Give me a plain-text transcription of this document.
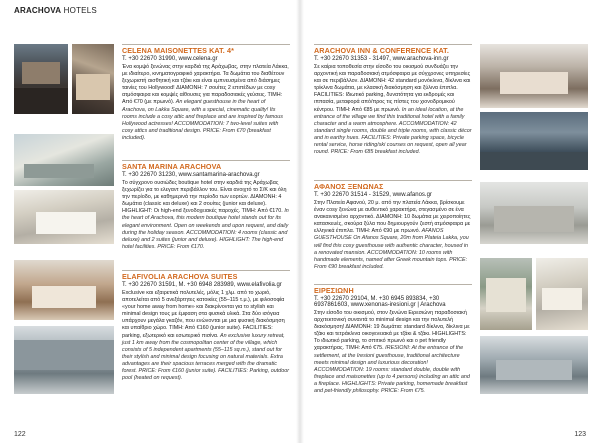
ARACHOVA HOTELS
CELENA MAISONETTES ΚΑΤ. 4*
T. +30 22670 31990, www.celena.gr
Ένα κομψό ξενώνας στην καρδιά της Αράχωβας, στην πλατεία Λάκκα, με ιδιαίτερο, κινηματογραφικό χαρακτήρα. Τα δωμάτια του διαθέτουν ξεχωριστή αισθητική και τζάκι και είναι εμπνευσμένα από διάσημες ταινίες του Hollywood! ΔΙΑΜΟΝΗ: 7 σουίτες 2 επιπέδων με cosy ατμόσφαιρα και κομψές αίθουσες για παραδοσιακές γεύσεις. ΤΙΜΗ: Από €70 (με πρωινό). An elegant guesthouse in the heart of Arachova, on Lakka Square, with a special, cinematic quality! Its rooms include a cosy attic and fireplace and are inspired by famous Hollywood actresses! ACCOMMODATION: 7 two-level suites with cosy attics and traditional design. PRICE: From €70 (breakfast included).
SANTA MARINA ARACHOVA
T. +30 22670 31230, www.santamarina-arachova.gr
Το σύγχρονο ουσιώδες boutique hotel στην καρδιά της Αράχωβας ξεχωρίζει για το ελεγαντ περιβάλλον του. Είναι ανοιχτό το Σ/Κ και όλη την περίοδο, με καθημερινά την περίοδο των εορτών. ΔΙΑΜΟΝΗ: 4 δωμάτια (classic και deluxe) και 2 σουίτες (junior και deluxe). HIGHLIGHT: Οι high-end ξενοδοχειακές παροχές. ΤΙΜΗ: Από €170. In the heart of Arachova, this modern boutique hotel stands out for its elegant environment. Open on weekends and upon request, and daily during the holiday season. ACCOMMODATION: 4 rooms (classic and deluxe) and 2 suites (junior and deluxe). HIGHLIGHT: The high-end hotel facilities. PRICE: From €170.
ELAFIVOLIA ARACHOVA SUITES
T. +30 22670 31591, M. +30 6948 283989, www.elafivolia.gr
Exclusive και εξαιρετικά πολυτελές, μόλις 1 χλμ. από το χωριό, αποτελείται από 5 ανεξάρτητες κατοικίες (55–115 τ.μ.), με φιλοσοφία «your home away from home» και διακρίνονται για το stylish και minimal design τους με έμφαση στα φυσικά υλικά. Στα δύο ισόγεια υπάρχουν μεγάλα γκαζόν, που ενώνονται με μια φυσική διακόσμηση και υπαίθριο χώρο. ΤΙΜΗ: Από €160 (junior suite). FACILITIES: parking, εξωτερικό και εσωτερικό πισίνα. An exclusive luxury retreat, just 1 km away from the cosmopolitan center of the village, which consists of 5 independent apartments (55–115 sq.m.), stand out for their stylish and minimal design focusing on natural materials. Extra advantages are their spacious terraces merged with the dramatic forest. PRICE: From €160 (junior suite). FACILITIES: Parking, outdoor pool (heated on request).
122
ARACHOVA INN & CONFERENCE ΚΑΤ.
T. +30 22670 31353 - 31497, www.arachova-inn.gr
Σε καίρια τοποθεσία στην είσοδο του οικισμού συνδυάζει την αρχοντική και παραδοσιακή ατμόσφαιρα με σύγχρονες υπηρεσίες και σε περιβάλλον. ΔΙΑΜΟΝΗ: 42 standard μονόκλινα, δίκλινα και τρίκλινα δωμάτια, με κλασική διακόσμηση και ξύλινα έπιπλα. FACILITIES: Ιδιωτικό parking, δυνατότητα για εκδρομές και ιππασία, μεταφορά από/προς τις πίστες του χιονοδρομικού κέντρου. ΤΙΜΗ: Από €85 με πρωινό. In an ideal location, at the entrance of the village we find this traditional hotel with a family character and a warm atmosphere. ACCOMMODATION: 42 standard single rooms, double and triple rooms, with classic décor and in earthy hues. FACILITIES: Private parking space, bicycle rental service, horse riding/ski courses on request, open all year round. PRICE: From €85 breakfast included.
ΑΦΑΝΟΣ ΞΕΝΩΝΑΣ
T. +30 22670 31514 - 31529, www.afanos.gr
Στην Πλατεία Αφανού, 20 μ. από την πλατεία Λάκκα, βρίσκουμε έναν cosy ξενώνα με αυθεντικό χαρακτήρα, στεγασμένο σε ένα ανακαινισμένο αρχοντικό. ΔΙΑΜΟΝΗ: 10 δωμάτια με χειροποίητες κατασκευές, σκούρα ξύλα που δημιουργούν ζεστή ατμόσφαιρα με ελληνικά έπιπλα. ΤΙΜΗ: Από €90 με πρωινό. AFANOS GUESTHOUSE On Afanos Square, 20m from Plateia Lakka, you will find this cosy guesthouse with authentic character, housed in a renovated mansion. ACCOMMODATION: 10 rooms with handmade elements, named after Greek mountain tops. PRICE: From €90 breakfast included.
ΕΙΡΕΣΙΩΝΗ
T. +30 22670 29104, M. +30 6945 893834, +30 6937861603, www.xenonas-iresioni.gr | Arachova
Στην είσοδο του οικισμού, στον ξενώνα Ειρεσιώνη παραδοσιακή αρχιτεκτονική συναντά το minimal design και την πολυτελή διακόσμηση! ΔΙΑΜΟΝΗ: 19 δωμάτια: standard δίκλινα, δίκλινα με τζάκι και τετράκλινα οικογενειακά με τζάκι & τζάκι. HIGHLIGHTS: Το ιδιωτικό parking, το σπιτικό πρωινό και ο pet friendly χαρακτήρας. ΤΙΜΗ: Από €75. IRESIONI: At the entrance of the settlement, at the Iresioni guesthouse, traditional architecture meets minimal design and luxurious decoration! ACCOMMODATION: 19 rooms: standard double, double with fireplace and maisonettes (up to 4 persons) including an attic and a fireplace. HIGHLIGHTS: Private parking, homemade breakfast and pet-friendly philosophy. PRICE: From €75.
123
